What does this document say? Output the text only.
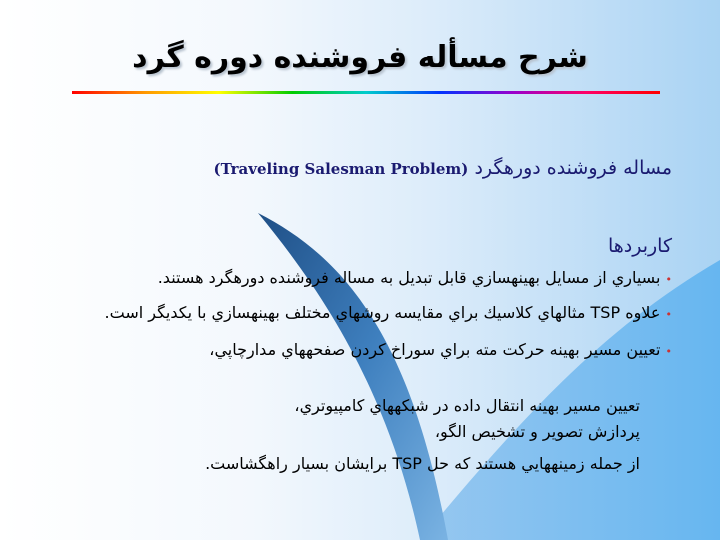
شرح مسأله فروشنده دوره گرد
مساله فروشنده دورهگرد (Traveling Salesman Problem)
کاربردها
• بسياري از مسايل بهينهسازي قابل تبديل به مساله فروشنده دورهگرد هستند.
• علاوه TSP مثالهاي كلاسيك براي مقايسه روشهاي مختلف بهينهسازي با يكديگر است.
• تعيين مسير بهينه حركت مته براي سوراخ كردن صفحههاي مدارچاپي،
تعيين مسير بهينه انتقال داده در شبكههاي كامپيوتري،
پردازش تصوير و تشخيص الگو،
از جمله زمينههايي هستند كه حل TSP برايشان بسيار راهگشاست.
